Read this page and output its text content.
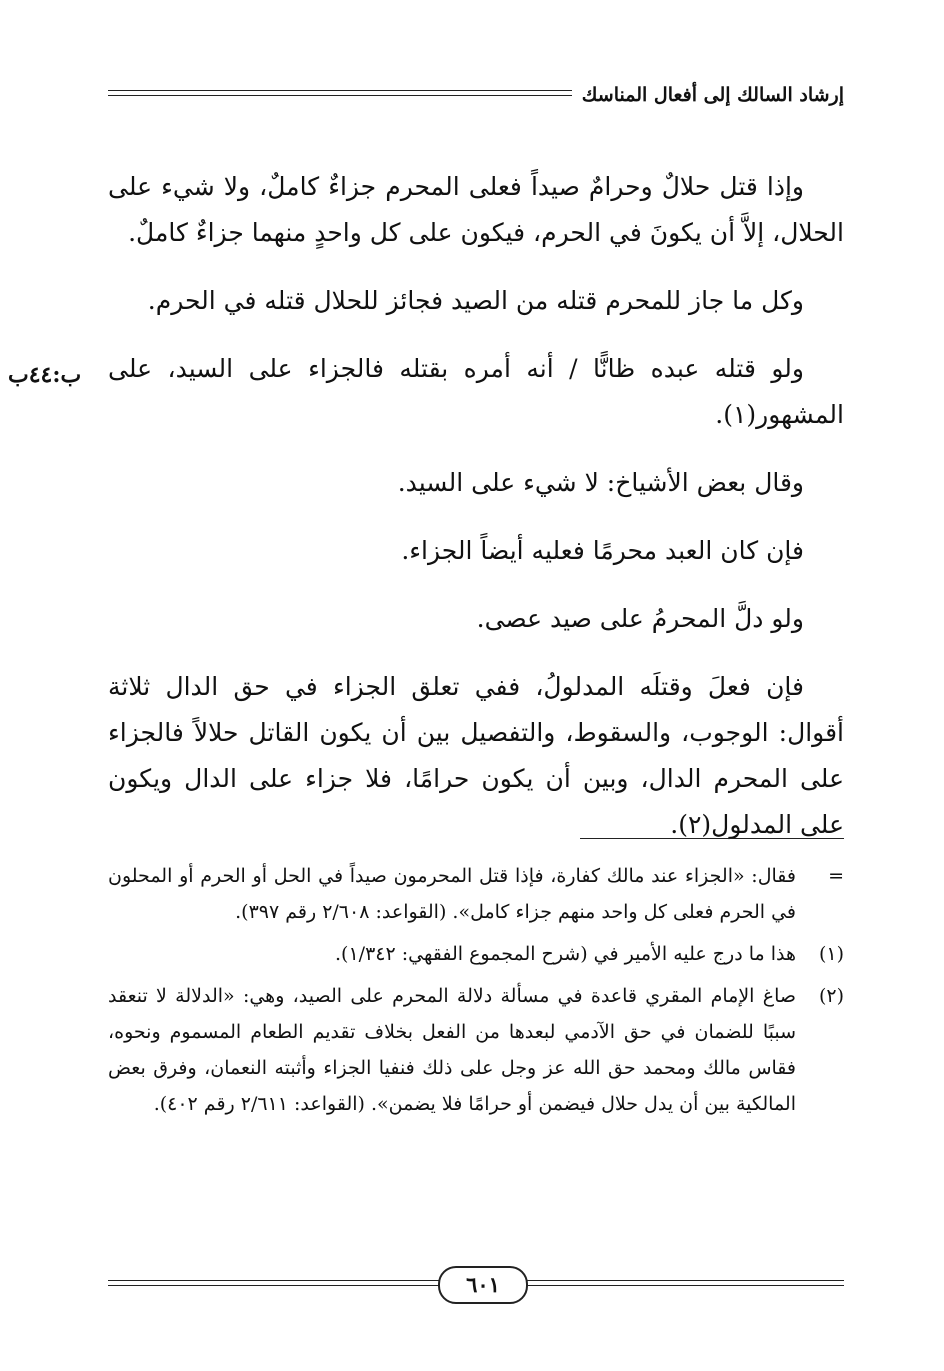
إرشاد السالك إلى أفعال المناسك

وإذا قتل حلالٌ وحرامٌ صيداً فعلى المحرم جزاءٌ كاملٌ، ولا شيء على الحلال، إلاَّ أن يكونَ في الحرم، فيكون على كل واحدٍ منهما جزاءٌ كاملٌ.

وكل ما جاز للمحرم قتله من الصيد فجائز للحلال قتله في الحرم.

ولو قتله عبده ظانًّا / أنه أمره بقتله فالجزاء على السيد، على المشهور(١).

وقال بعض الأشياخ: لا شيء على السيد.

فإن كان العبد محرمًا فعليه أيضاً الجزاء.

ولو دلَّ المحرمُ على صيد عصى.

فإن فعلَ وقتلَه المدلولُ، ففي تعلق الجزاء في حق الدال ثلاثة أقوال: الوجوب، والسقوط، والتفصيل بين أن يكون القاتل حلالاً فالجزاء على المحرم الدال، وبين أن يكون حرامًا، فلا جزاء على الدال ويكون على المدلول(٢).

ب:٤٤ب
=
فقال: «الجزاء عند مالك كفارة، فإذا قتل المحرمون صيداً في الحل أو الحرم أو المحلون في الحرم فعلى كل واحد منهم جزاء كامل». (القواعد: ٢/٦٠٨ رقم ٣٩٧).
(١)
هذا ما درج عليه الأمير في (شرح المجموع الفقهي: ١/٣٤٢).
(٢)
صاغ الإمام المقري قاعدة في مسألة دلالة المحرم على الصيد، وهي: «الدلالة لا تنعقد سببًا للضمان في حق الآدمي لبعدها من الفعل بخلاف تقديم الطعام المسموم ونحوه، فقاس مالك ومحمد حق الله عز وجل على ذلك فنفيا الجزاء وأثبته النعمان، وفرق بعض المالكية بين أن يدل حلال فيضمن أو حرامًا فلا يضمن». (القواعد: ٢/٦١١ رقم ٤٠٢).
٦٠١
